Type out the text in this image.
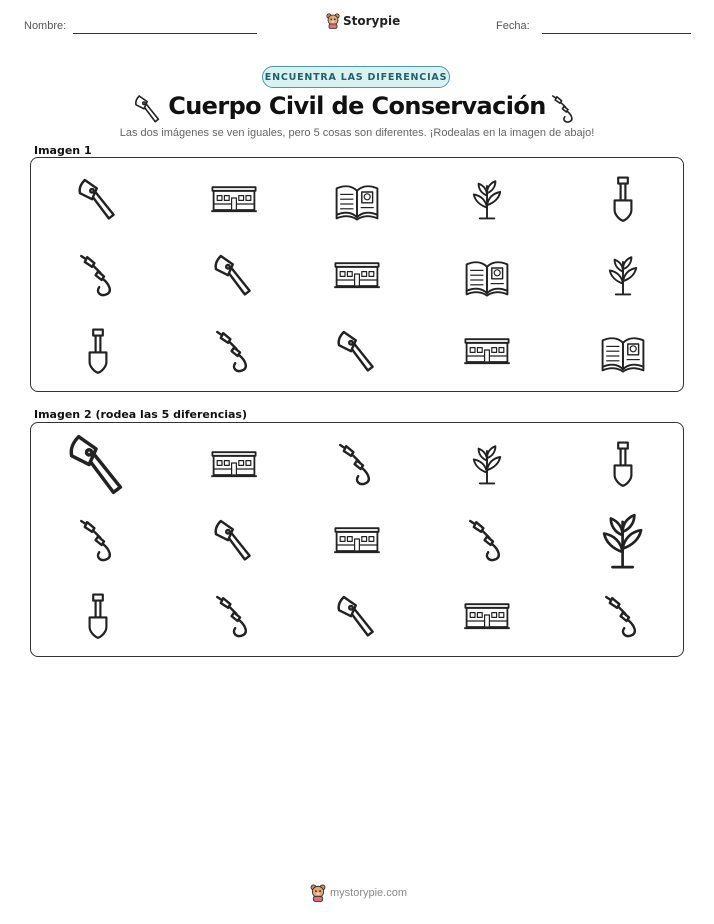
Nombre:	Storypie	Fecha:
ENCUENTRA LAS DIFERENCIAS
Cuerpo Civil de Conservación
Las dos imágenes se ven iguales, pero 5 cosas son diferentes. ¡Rodealas en la imagen de abajo!
Imagen 1
Imagen 2 (rodea las 5 diferencias)
mystorypie.com
